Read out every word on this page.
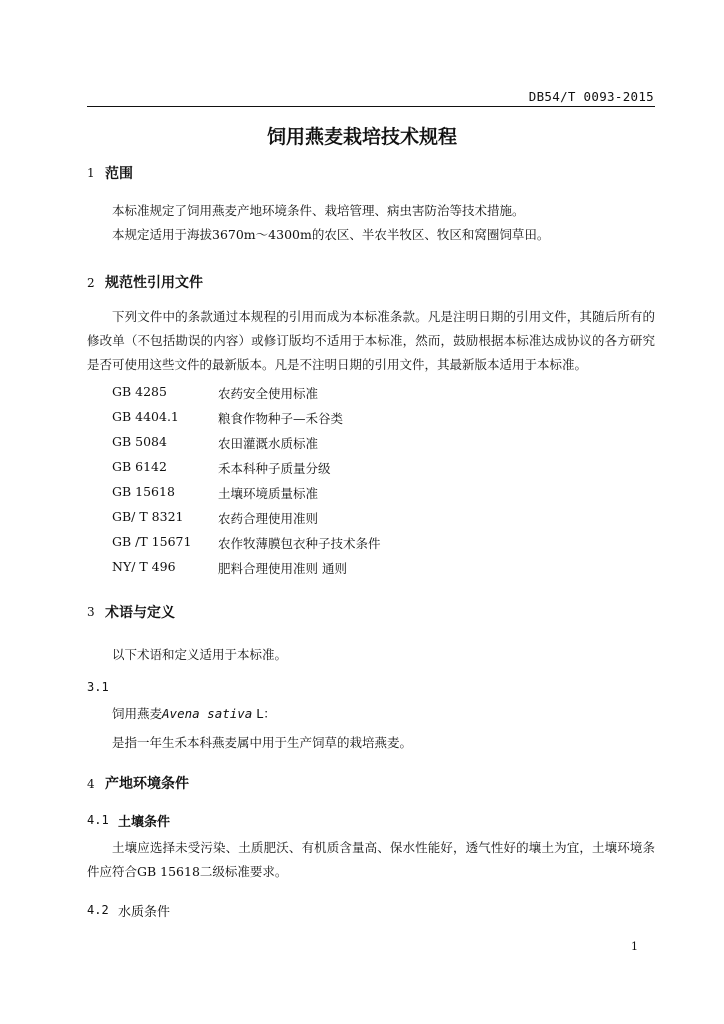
DB54/T 0093-2015
饲用燕麦栽培技术规程
1 范围
本标准规定了饲用燕麦产地环境条件、栽培管理、病虫害防治等技术措施。
本规定适用于海拔3670m～4300m的农区、半农半牧区、牧区和窝圈饲草田。
2 规范性引用文件
下列文件中的条款通过本规程的引用而成为本标准条款。凡是注明日期的引用文件，其随后所有的修改单（不包括勘误的内容）或修订版均不适用于本标准，然而，鼓励根据本标准达成协议的各方研究是否可使用这些文件的最新版本。凡是不注明日期的引用文件，其最新版本适用于本标准。
GB 4285	农药安全使用标准
GB 4404.1	粮食作物种子—禾谷类
GB 5084	农田灌溉水质标准
GB 6142	禾本科种子质量分级
GB 15618	土壤环境质量标准
GB/ T 8321	农药合理使用准则
GB /T 15671 农作牧薄膜包衣种子技术条件
NY/ T 496	肥料合理使用准则 通则
3 术语与定义
以下术语和定义适用于本标准。
3.1
饲用燕麦Avena sativa L：
是指一年生禾本科燕麦属中用于生产饲草的栽培燕麦。
4 产地环境条件
4.1 土壤条件
土壤应选择未受污染、土质肥沃、有机质含量高、保水性能好，透气性好的壤土为宜，土壤环境条件应符合GB 15618二级标准要求。
4.2 水质条件
1
